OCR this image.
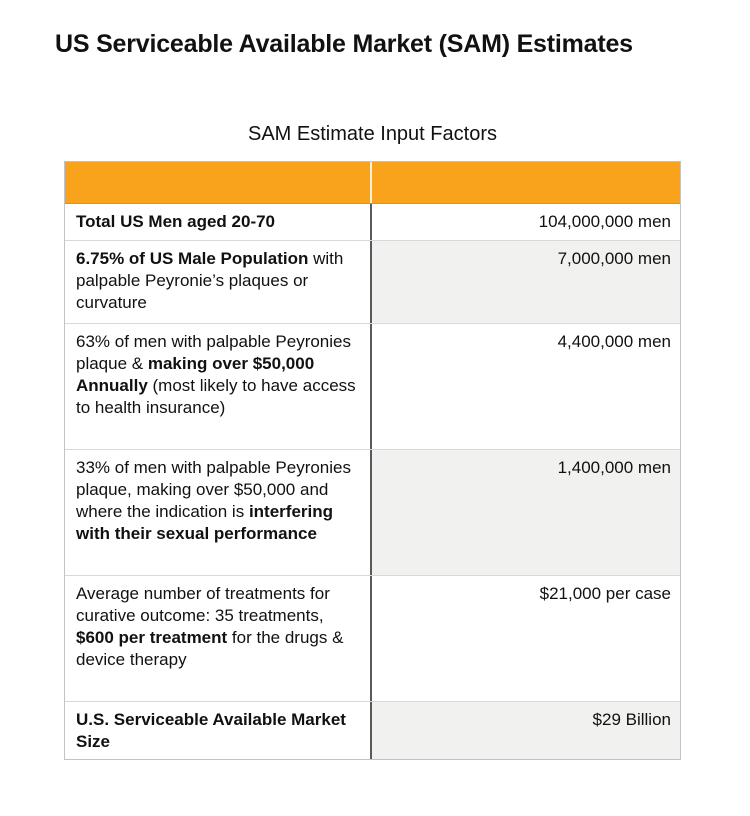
US Serviceable Available Market (SAM) Estimates
SAM Estimate Input Factors
Total US Men aged 20-70	104,000,000 men
6.75% of US Male Population with palpable Peyronie’s plaques or curvature
7,000,000 men
63% of men with palpable Peyronies plaque & making over $50,000 Annually (most likely to have access to health insurance)
4,400,000 men
33% of men with palpable Peyronies plaque, making over $50,000 and where the indication is interfering with their sexual performance
1,400,000 men
Average number of treatments for curative outcome: 35 treatments, $600 per treatment for the drugs & device therapy
$21,000 per case
U.S. Serviceable Available Market Size
$29 Billion
